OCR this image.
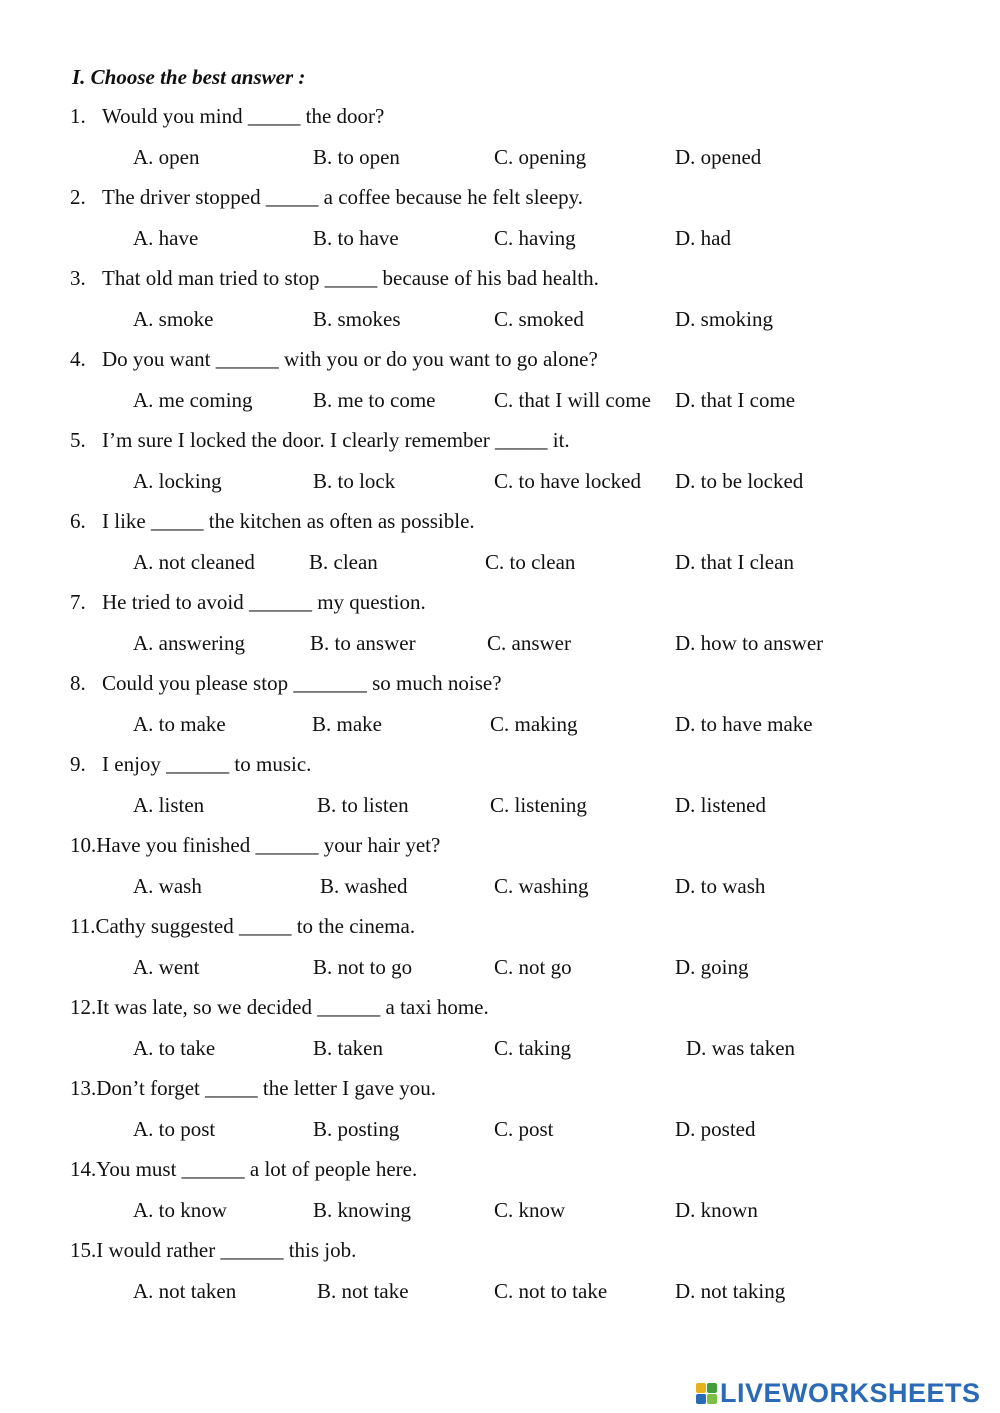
I. Choose the best answer :
1. Would you mind _____ the door?
A. open	B. to open	C. opening	D. opened
2. The driver stopped _____ a coffee because he felt sleepy.
A. have	B. to have	C. having	D. had
3. That old man tried to stop _____ because of his bad health.
A. smoke	B. smokes	C. smoked	D. smoking
4. Do you want ______ with you or do you want to go alone?
A. me coming	B. me to come	C. that I will come D. that I come
5. I’m sure I locked the door. I clearly remember _____ it.
A. locking	B. to lock	C. to have locked D. to be locked
6. I like _____ the kitchen as often as possible.
A. not cleaned	B. clean	C. to clean	D. that I clean
7. He tried to avoid ______ my question.
A. answering	B. to answer	C. answer	D. how to answer
8. Could you please stop _______ so much noise?
A. to make	B. make	C. making	D. to have make
9. I enjoy ______ to music.
A. listen	B. to listen	C. listening	D. listened
10.Have you finished ______ your hair yet?
A. wash	B. washed	C. washing	D. to wash
11.Cathy suggested _____ to the cinema.
A. went	B. not to go	C. not go	D. going
12.It was late, so we decided ______ a taxi home.
A. to take	B. taken	C. taking	D. was taken
13.Don’t forget _____ the letter I gave you.
A. to post	B. posting	C. post	D. posted
14.You must ______ a lot of people here.
A. to know	B. knowing	C. know	D. known
15.I would rather ______ this job.
A. not taken	B. not take	C. not to take	D. not taking
LIVEWORKSHEETS
